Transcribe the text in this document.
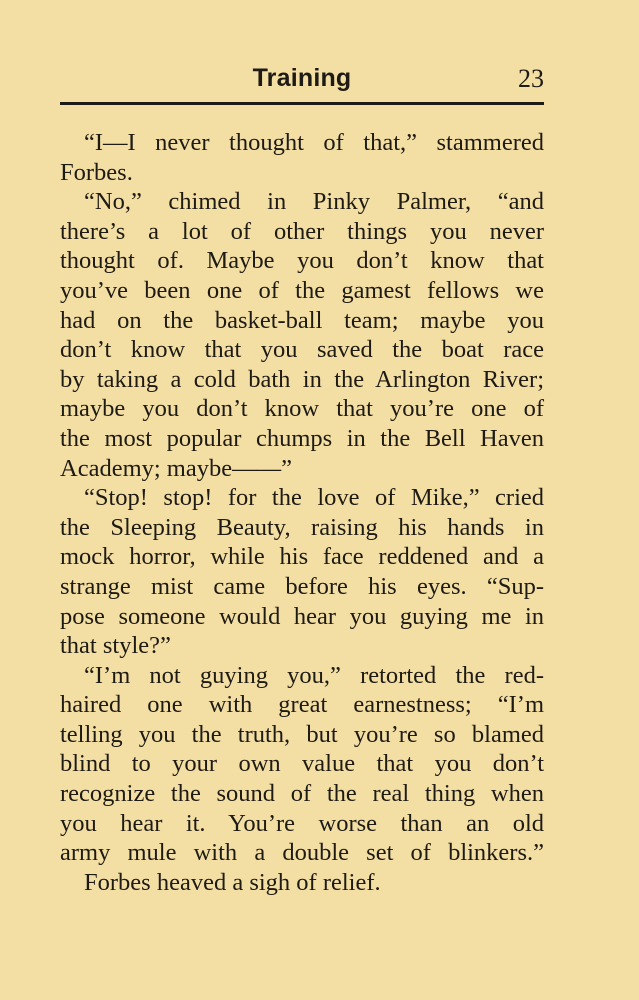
Training	23
“I—I never thought of that,” stammered
Forbes.
“No,” chimed in Pinky Palmer, “and
there’s a lot of other things you never
thought of. Maybe you don’t know that
you’ve been one of the gamest fellows we
had on the basket-ball team; maybe you
don’t know that you saved the boat race
by taking a cold bath in the Arlington River;
maybe you don’t know that you’re one of
the most popular chumps in the Bell Haven
Academy; maybe——”
“Stop! stop! for the love of Mike,” cried
the Sleeping Beauty, raising his hands in
mock horror, while his face reddened and a
strange mist came before his eyes. “Sup-
pose someone would hear you guying me in
that style?”
“I’m not guying you,” retorted the red-
haired one with great earnestness; “I’m
telling you the truth, but you’re so blamed
blind to your own value that you don’t
recognize the sound of the real thing when
you hear it. You’re worse than an old
army mule with a double set of blinkers.”
Forbes heaved a sigh of relief.
